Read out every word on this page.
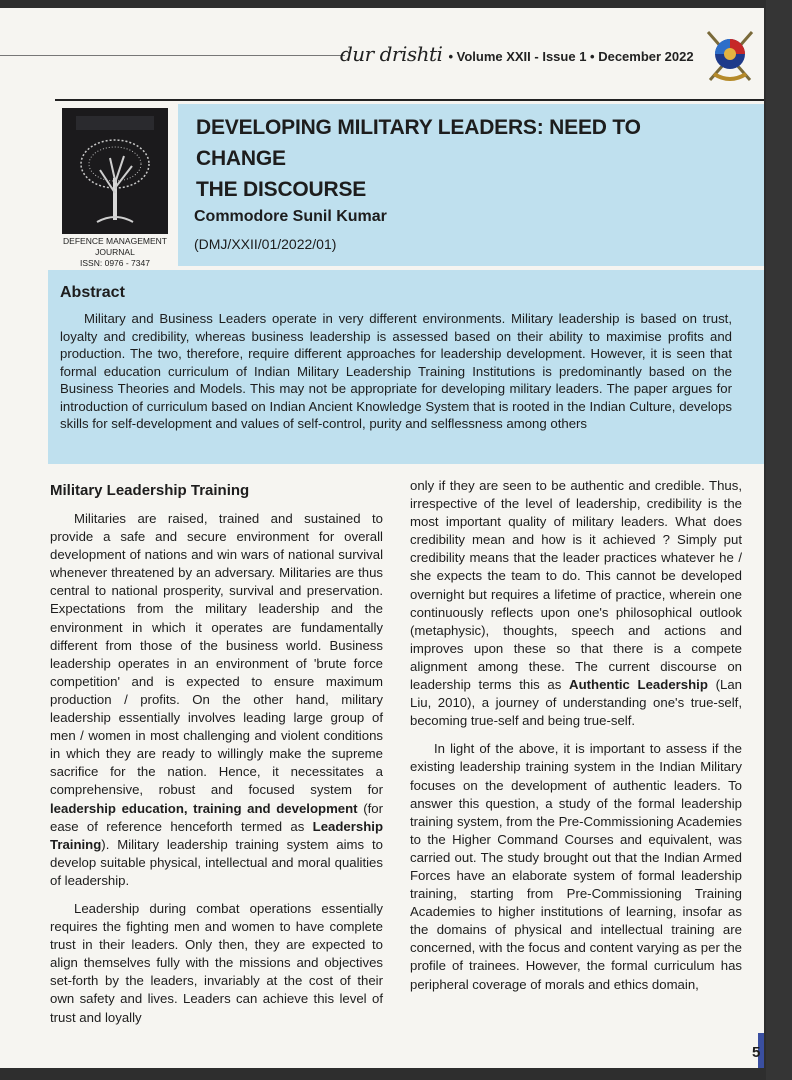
dur drishti • Volume XXII - Issue 1 • December 2022
DEFENCE MANAGEMENT JOURNAL
ISSN: 0976 - 7347
DEVELOPING MILITARY LEADERS: NEED TO CHANGE
THE DISCOURSE
Commodore Sunil Kumar
(DMJ/XXII/01/2022/01)
Abstract

Military and Business Leaders operate in very different environments. Military leadership is based on trust, loyalty and credibility, whereas business leadership is assessed based on their ability to maximise profits and production. The two, therefore, require different approaches for leadership development. However, it is seen that formal education curriculum of Indian Military Leadership Training Institutions is predominantly based on the Business Theories and Models. This may not be appropriate for developing military leaders. The paper argues for introduction of curriculum based on Indian Ancient Knowledge System that is rooted in the Indian Culture, develops skills for self-development and values of self-control, purity and selflessness among others

Military Leadership Training

Militaries are raised, trained and sustained to provide a safe and secure environment for overall development of nations and win wars of national survival whenever threatened by an adversary. Militaries are thus central to national prosperity, survival and preservation. Expectations from the military leadership and the environment in which it operates are fundamentally different from those of the business world. Business leadership operates in an environment of 'brute force competition' and is expected to ensure maximum production / profits. On the other hand, military leadership essentially involves leading large group of men / women in most challenging and violent conditions in which they are ready to willingly make the supreme sacrifice for the nation. Hence, it necessitates a comprehensive, robust and focused system for leadership education, training and development (for ease of reference henceforth termed as Leadership Training). Military leadership training system aims to develop suitable physical, intellectual and moral qualities of leadership.

Leadership during combat operations essentially requires the fighting men and women to have complete trust in their leaders. Only then, they are expected to align themselves fully with the missions and objectives set-forth by the leaders, invariably at the cost of their own safety and lives. Leaders can achieve this level of trust and loyally

only if they are seen to be authentic and credible. Thus, irrespective of the level of leadership, credibility is the most important quality of military leaders. What does credibility mean and how is it achieved ? Simply put credibility means that the leader practices whatever he / she expects the team to do. This cannot be developed overnight but requires a lifetime of practice, wherein one continuously reflects upon one's philosophical outlook (metaphysic), thoughts, speech and actions and improves upon these so that there is a compete alignment among these. The current discourse on leadership terms this as Authentic Leadership (Lan Liu, 2010), a journey of understanding one's true-self, becoming true-self and being true-self.

In light of the above, it is important to assess if the existing leadership training system in the Indian Military focuses on the development of authentic leaders. To answer this question, a study of the formal leadership training system, from the Pre-Commissioning Academies to the Higher Command Courses and equivalent, was carried out. The study brought out that the Indian Armed Forces have an elaborate system of formal leadership training, starting from Pre-Commissioning Training Academies to higher institutions of learning, insofar as the domains of physical and intellectual training are concerned, with the focus and content varying as per the profile of trainees. However, the formal curriculum has peripheral coverage of morals and ethics domain,

5
